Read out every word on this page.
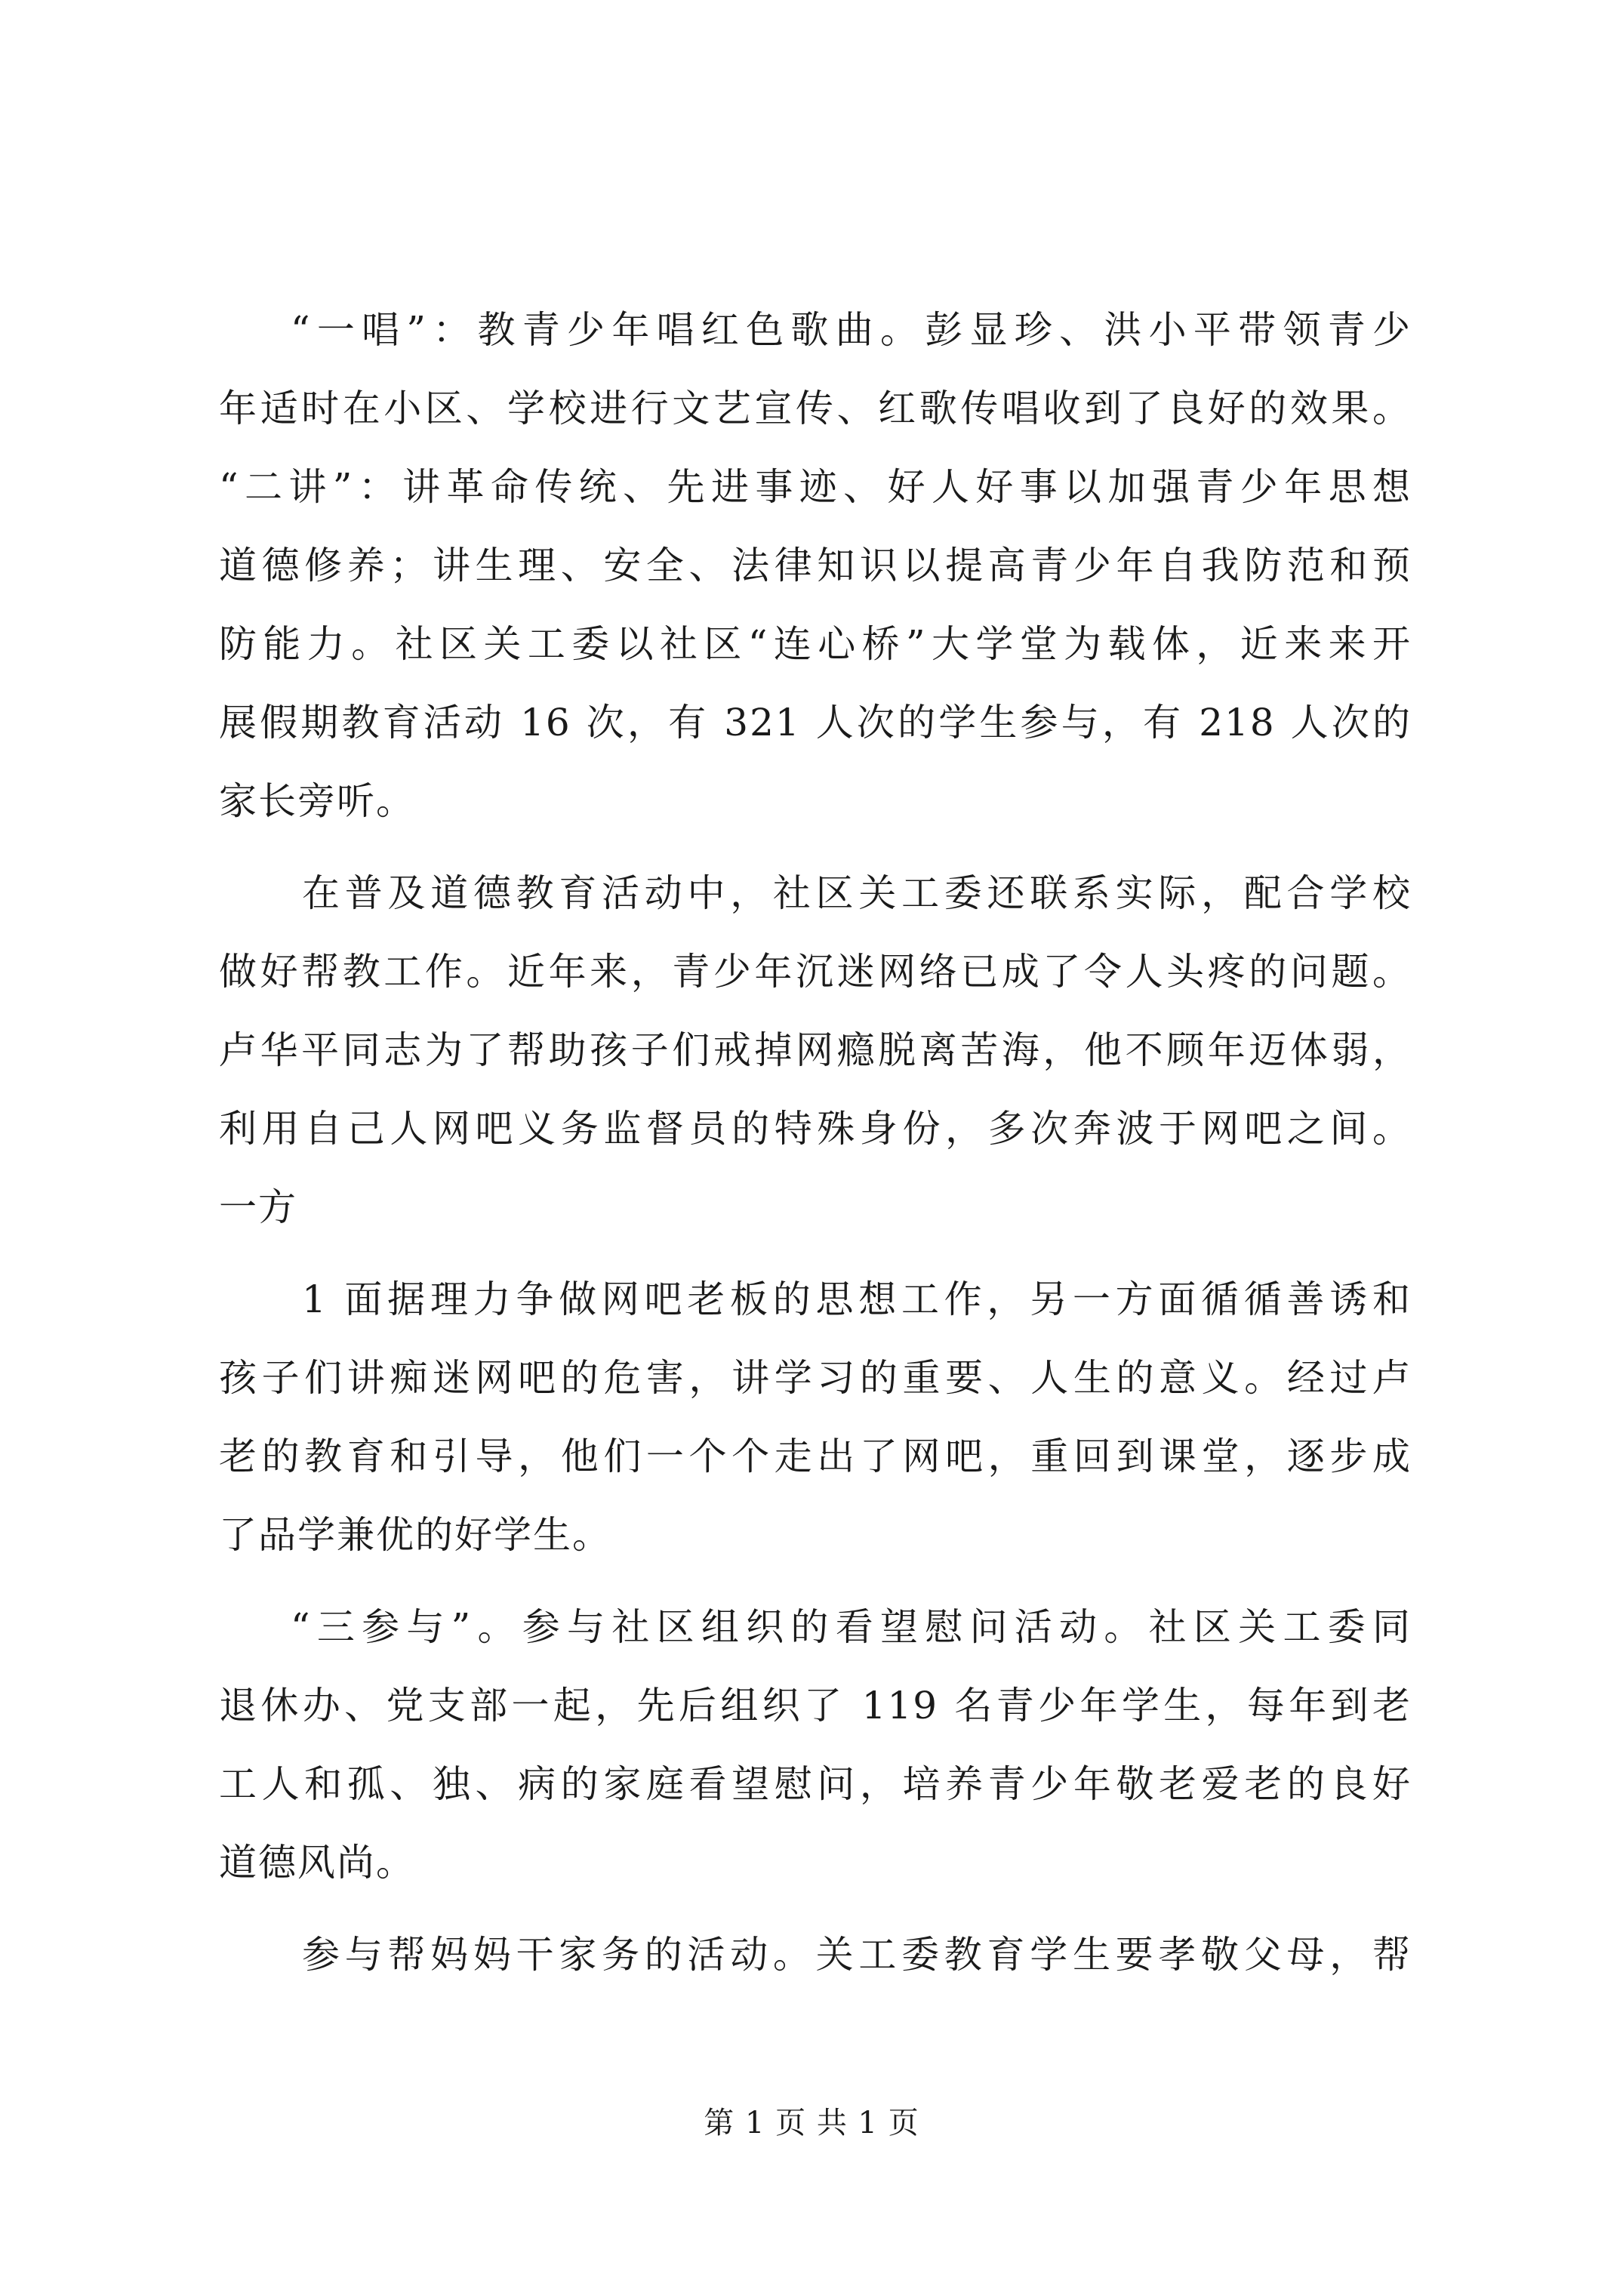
“一唱”：教青少年唱红色歌曲。彭显珍、洪小平带领青少
年适时在小区、学校进行文艺宣传、红歌传唱收到了良好的效果。
“二讲”：讲革命传统、先进事迹、好人好事以加强青少年思想
道德修养；讲生理、安全、法律知识以提高青少年自我防范和预
防能力。社区关工委以社区“连心桥”大学堂为载体，近来来开
展假期教育活动 16 次，有 321 人次的学生参与，有 218 人次的
家长旁听。
在普及道德教育活动中，社区关工委还联系实际，配合学校
做好帮教工作。近年来，青少年沉迷网络已成了令人头疼的问题。
卢华平同志为了帮助孩子们戒掉网瘾脱离苦海，他不顾年迈体弱，
利用自己人网吧义务监督员的特殊身份，多次奔波于网吧之间。
一方
1 面据理力争做网吧老板的思想工作，另一方面循循善诱和
孩子们讲痴迷网吧的危害，讲学习的重要、人生的意义。经过卢
老的教育和引导，他们一个个走出了网吧，重回到课堂，逐步成
了品学兼优的好学生。
“三参与”。参与社区组织的看望慰问活动。社区关工委同
退休办、党支部一起，先后组织了 119 名青少年学生，每年到老
工人和孤、独、病的家庭看望慰问，培养青少年敬老爱老的良好
道德风尚。
参与帮妈妈干家务的活动。关工委教育学生要孝敬父母，帮
第 1 页 共 1 页
